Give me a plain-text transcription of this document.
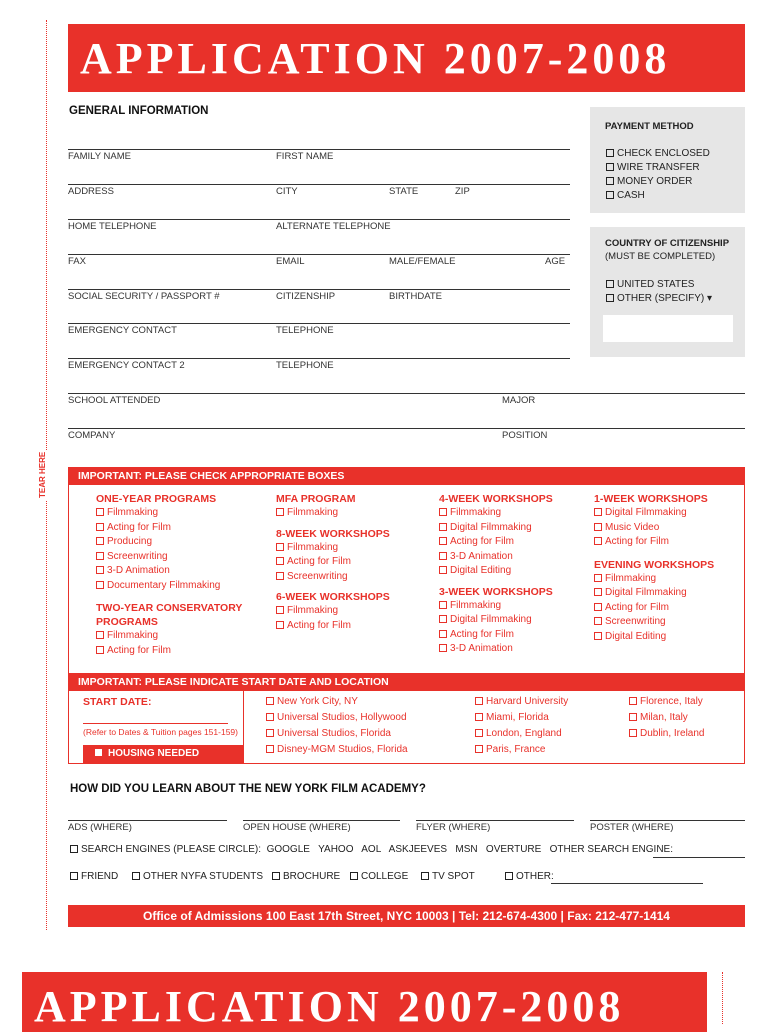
TEAR HERE
APPLICATION 2007-2008
GENERAL INFORMATION
FAMILY NAME	FIRST NAME
ADDRESS	CITY	STATE	ZIP
HOME TELEPHONE	ALTERNATE TELEPHONE
FAX	EMAIL	MALE/FEMALE	AGE
SOCIAL SECURITY / PASSPORT #	CITIZENSHIP	BIRTHDATE
EMERGENCY CONTACT	TELEPHONE
EMERGENCY CONTACT 2	TELEPHONE
SCHOOL ATTENDED	MAJOR
COMPANY	POSITION
PAYMENT METHOD
CHECK ENCLOSED
WIRE TRANSFER
MONEY ORDER
CASH
COUNTRY OF CITIZENSHIP
(MUST BE COMPLETED)
UNITED STATES
OTHER (SPECIFY) ▾
IMPORTANT: PLEASE CHECK APPROPRIATE BOXES
ONE-YEAR PROGRAMS
Filmmaking
Acting for Film
Producing
Screenwriting
3-D Animation
Documentary Filmmaking
TWO-YEAR CONSERVATORY
PROGRAMS
Filmmaking
Acting for Film
MFA PROGRAM
Filmmaking
8-WEEK WORKSHOPS
Filmmaking
Acting for Film
Screenwriting
6-WEEK WORKSHOPS
Filmmaking
Acting for Film
4-WEEK WORKSHOPS
Filmmaking
Digital Filmmaking
Acting for Film
3-D Animation
Digital Editing
3-WEEK WORKSHOPS
Filmmaking
Digital Filmmaking
Acting for Film
3-D Animation
1-WEEK WORKSHOPS
Digital Filmmaking
Music Video
Acting for Film
EVENING WORKSHOPS
Filmmaking
Digital Filmmaking
Acting for Film
Screenwriting
Digital Editing
IMPORTANT: PLEASE INDICATE START DATE AND LOCATION
START DATE:
(Refer to Dates & Tuition pages 151-159)
HOUSING NEEDED
New York City, NY
Universal Studios, Hollywood
Universal Studios, Florida
Disney-MGM Studios, Florida
Harvard University
Miami, Florida
London, England
Paris, France
Florence, Italy
Milan, Italy
Dublin, Ireland
HOW DID YOU LEARN ABOUT THE NEW YORK FILM ACADEMY?
ADS (WHERE)	OPEN HOUSE (WHERE)	FLYER (WHERE)	POSTER (WHERE)
SEARCH ENGINES (PLEASE CIRCLE):  GOOGLE   YAHOO   AOL   ASKJEEVES   MSN   OVERTURE   OTHER SEARCH ENGINE:
FRIEND	OTHER NYFA STUDENTS	BROCHURE	COLLEGE	TV SPOT	OTHER:
Office of Admissions 100 East 17th Street, NYC 10003 | Tel: 212-674-4300 | Fax: 212-477-1414
APPLICATION 2007-2008
